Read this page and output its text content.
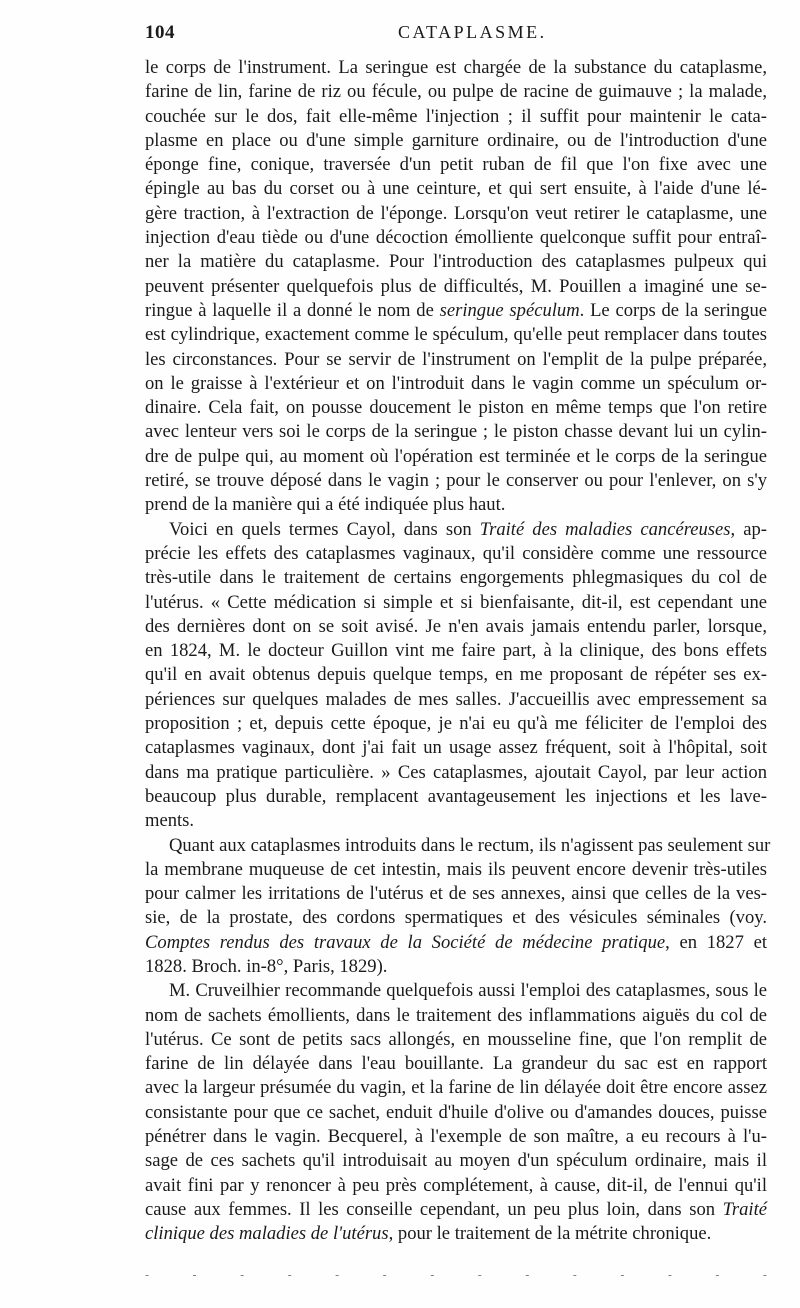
104	CATAPLASME.

le corps de l'instrument. La seringue est chargée de la substance du cataplasme,
farine de lin, farine de riz ou fécule, ou pulpe de racine de guimauve ; la malade,
couchée sur le dos, fait elle-même l'injection ; il suffit pour maintenir le cata-
plasme en place ou d'une simple garniture ordinaire, ou de l'introduction d'une
éponge fine, conique, traversée d'un petit ruban de fil que l'on fixe avec une
épingle au bas du corset ou à une ceinture, et qui sert ensuite, à l'aide d'une lé-
gère traction, à l'extraction de l'éponge. Lorsqu'on veut retirer le cataplasme, une
injection d'eau tiède ou d'une décoction émolliente quelconque suffit pour entraî-
ner la matière du cataplasme. Pour l'introduction des cataplasmes pulpeux qui
peuvent présenter quelquefois plus de difficultés, M. Pouillen a imaginé une se-
ringue à laquelle il a donné le nom de seringue spéculum. Le corps de la seringue
est cylindrique, exactement comme le spéculum, qu'elle peut remplacer dans toutes
les circonstances. Pour se servir de l'instrument on l'emplit de la pulpe préparée,
on le graisse à l'extérieur et on l'introduit dans le vagin comme un spéculum or-
dinaire. Cela fait, on pousse doucement le piston en même temps que l'on retire
avec lenteur vers soi le corps de la seringue ; le piston chasse devant lui un cylin-
dre de pulpe qui, au moment où l'opération est terminée et le corps de la seringue
retiré, se trouve déposé dans le vagin ; pour le conserver ou pour l'enlever, on s'y
prend de la manière qui a été indiquée plus haut.

Voici en quels termes Cayol, dans son Traité des maladies cancéreuses, ap-
précie les effets des cataplasmes vaginaux, qu'il considère comme une ressource
très-utile dans le traitement de certains engorgements phlegmasiques du col de
l'utérus. « Cette médication si simple et si bienfaisante, dit-il, est cependant une
des dernières dont on se soit avisé. Je n'en avais jamais entendu parler, lorsque,
en 1824, M. le docteur Guillon vint me faire part, à la clinique, des bons effets
qu'il en avait obtenus depuis quelque temps, en me proposant de répéter ses ex-
périences sur quelques malades de mes salles. J'accueillis avec empressement sa
proposition ; et, depuis cette époque, je n'ai eu qu'à me féliciter de l'emploi des
cataplasmes vaginaux, dont j'ai fait un usage assez fréquent, soit à l'hôpital, soit
dans ma pratique particulière. » Ces cataplasmes, ajoutait Cayol, par leur action
beaucoup plus durable, remplacent avantageusement les injections et les lave-
ments.

Quant aux cataplasmes introduits dans le rectum, ils n'agissent pas seulement sur
la membrane muqueuse de cet intestin, mais ils peuvent encore devenir très-utiles
pour calmer les irritations de l'utérus et de ses annexes, ainsi que celles de la ves-
sie, de la prostate, des cordons spermatiques et des vésicules séminales (voy.
Comptes rendus des travaux de la Société de médecine pratique, en 1827 et
1828. Broch. in-8°, Paris, 1829).

M. Cruveilhier recommande quelquefois aussi l'emploi des cataplasmes, sous le
nom de sachets émollients, dans le traitement des inflammations aiguës du col de
l'utérus. Ce sont de petits sacs allongés, en mousseline fine, que l'on remplit de
farine de lin délayée dans l'eau bouillante. La grandeur du sac est en rapport
avec la largeur présumée du vagin, et la farine de lin délayée doit être encore assez
consistante pour que ce sachet, enduit d'huile d'olive ou d'amandes douces, puisse
pénétrer dans le vagin. Becquerel, à l'exemple de son maître, a eu recours à l'u-
sage de ces sachets qu'il introduisait au moyen d'un spéculum ordinaire, mais il
avait fini par y renoncer à peu près complétement, à cause, dit-il, de l'ennui qu'il
cause aux femmes. Il les conseille cependant, un peu plus loin, dans son Traité
clinique des maladies de l'utérus, pour le traitement de la métrite chronique.

-	-	-	-	-	-	-	-	-	-	-	-	-	-
